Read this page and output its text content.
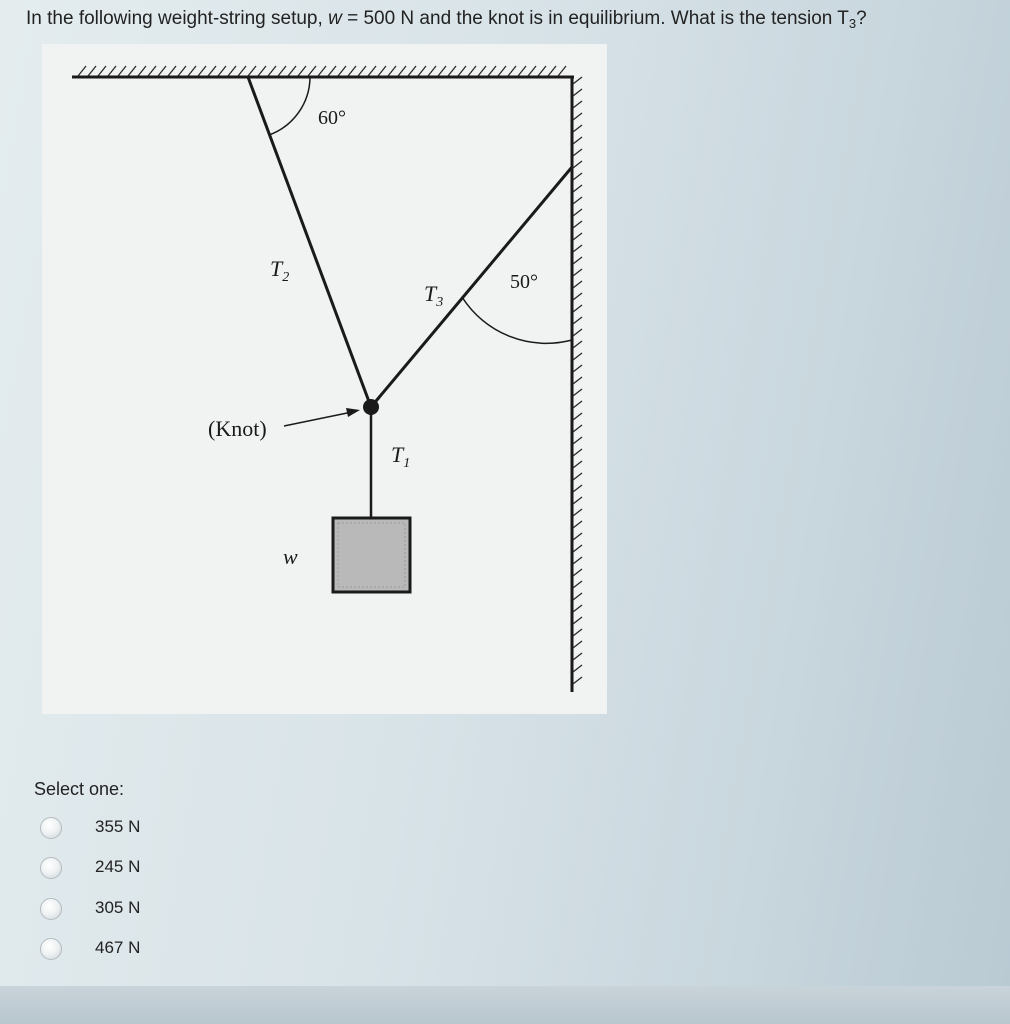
In the following weight-string setup, w = 500 N and the knot is in equilibrium. What is the tension $T_3$?
60°
50°
$T_2$
$T_3$
$T_1$
(Knot)
w
Select one:
355 N
245 N
305 N
467 N
